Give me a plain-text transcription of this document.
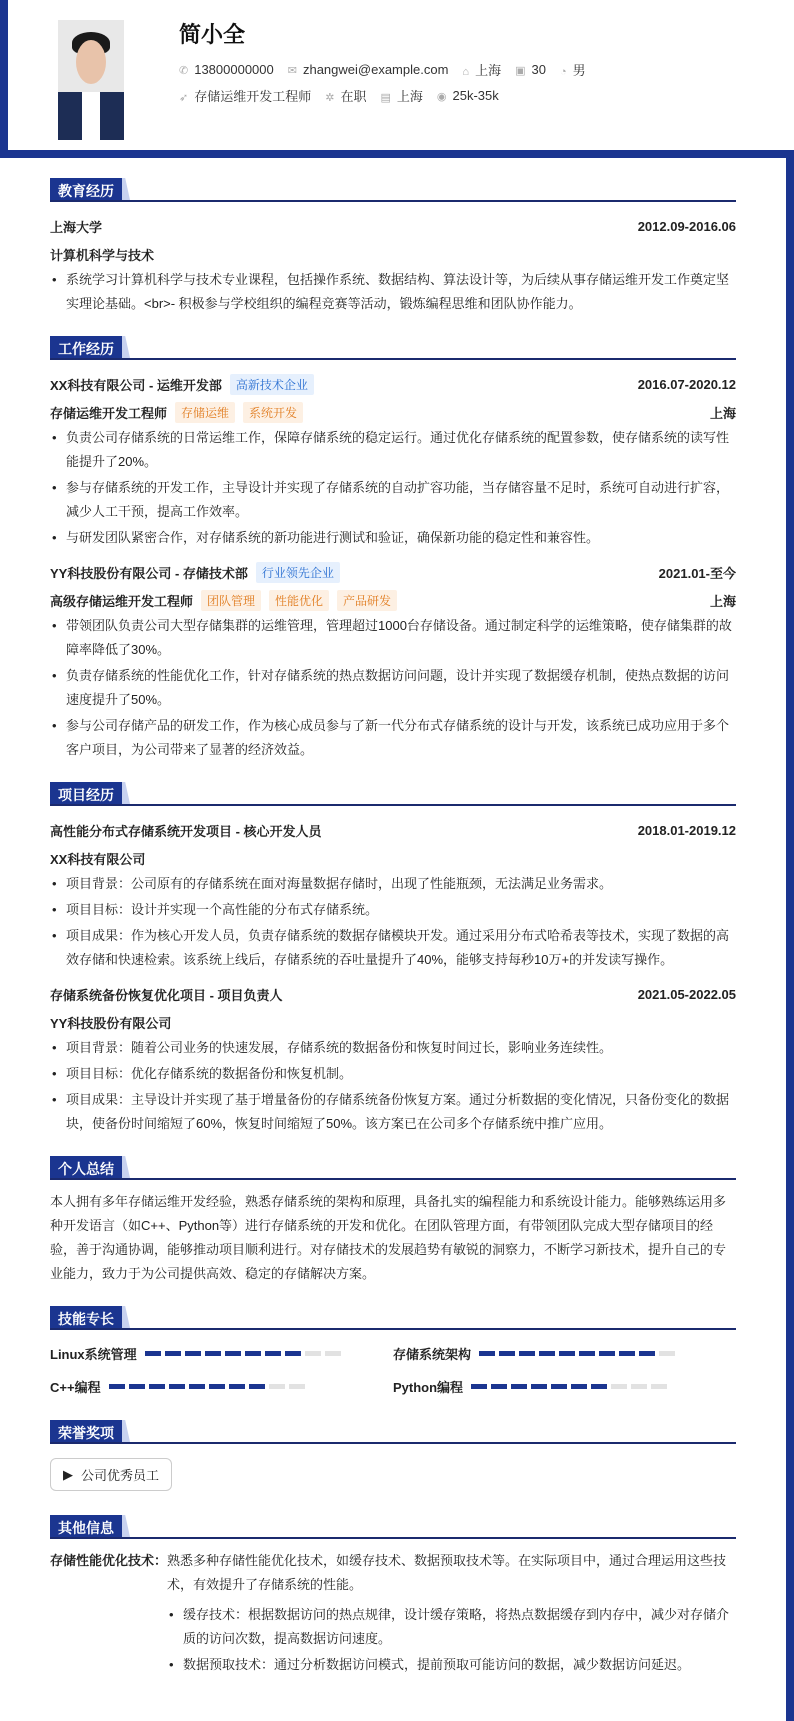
简小全
✆ 13800000000 ✉ zhangwei@example.com ⌂ 上海 ▣ 30 ◔ 男
➶ 存储运维开发工程师 ✲ 在职 ▤ 上海 ◉ 25k-35k
教育经历
上海大学	2012.09-2016.06
计算机科学与技术
• 系统学习计算机科学与技术专业课程，包括操作系统、数据结构、算法设计等，为后续从事存储运维开发工作奠定坚实理论基础。<br>- 积极参与学校组织的编程竞赛等活动，锻炼编程思维和团队协作能力。
工作经历
XX科技有限公司 - 运维开发部	高新技术企业	2016.07-2020.12
存储运维开发工程师	存储运维	系统开发	上海
• 负责公司存储系统的日常运维工作，保障存储系统的稳定运行。通过优化存储系统的配置参数，使存储系统的读写性能提升了20%。
• 参与存储系统的开发工作，主导设计并实现了存储系统的自动扩容功能，当存储容量不足时，系统可自动进行扩容，减少人工干预，提高工作效率。
• 与研发团队紧密合作，对存储系统的新功能进行测试和验证，确保新功能的稳定性和兼容性。
YY科技股份有限公司 - 存储技术部	行业领先企业	2021.01-至今
高级存储运维开发工程师	团队管理	性能优化	产品研发	上海
• 带领团队负责公司大型存储集群的运维管理，管理超过1000台存储设备。通过制定科学的运维策略，使存储集群的故障率降低了30%。
• 负责存储系统的性能优化工作，针对存储系统的热点数据访问问题，设计并实现了数据缓存机制，使热点数据的访问速度提升了50%。
• 参与公司存储产品的研发工作，作为核心成员参与了新一代分布式存储系统的设计与开发，该系统已成功应用于多个客户项目，为公司带来了显著的经济效益。
项目经历
高性能分布式存储系统开发项目 - 核心开发人员	2018.01-2019.12
XX科技有限公司
• 项目背景：公司原有的存储系统在面对海量数据存储时，出现了性能瓶颈，无法满足业务需求。
• 项目目标：设计并实现一个高性能的分布式存储系统。
• 项目成果：作为核心开发人员，负责存储系统的数据存储模块开发。通过采用分布式哈希表等技术，实现了数据的高效存储和快速检索。该系统上线后，存储系统的吞吐量提升了40%，能够支持每秒10万+的并发读写操作。
存储系统备份恢复优化项目 - 项目负责人	2021.05-2022.05
YY科技股份有限公司
• 项目背景：随着公司业务的快速发展，存储系统的数据备份和恢复时间过长，影响业务连续性。
• 项目目标：优化存储系统的数据备份和恢复机制。
• 项目成果：主导设计并实现了基于增量备份的存储系统备份恢复方案。通过分析数据的变化情况，只备份变化的数据块，使备份时间缩短了60%，恢复时间缩短了50%。该方案已在公司多个存储系统中推广应用。
个人总结

本人拥有多年存储运维开发经验，熟悉存储系统的架构和原理，具备扎实的编程能力和系统设计能力。能够熟练运用多种开发语言（如C++、Python等）进行存储系统的开发和优化。在团队管理方面，有带领团队完成大型存储项目的经验，善于沟通协调，能够推动项目顺利进行。对存储技术的发展趋势有敏锐的洞察力，不断学习新技术，提升自己的专业能力，致力于为公司提供高效、稳定的存储解决方案。

技能专长
Linux系统管理	存储系统架构
C++编程	Python编程
荣誉奖项
▶ 公司优秀员工
其他信息
存储性能优化技术： 熟悉多种存储性能优化技术，如缓存技术、数据预取技术等。在实际项目中，通过合理运用这些技术，有效提升了存储系统的性能。

• 缓存技术：根据数据访问的热点规律，设计缓存策略，将热点数据缓存到内存中，减少对存储介质的访问次数，提高数据访问速度。
• 数据预取技术：通过分析数据访问模式，提前预取可能访问的数据，减少数据访问延迟。
